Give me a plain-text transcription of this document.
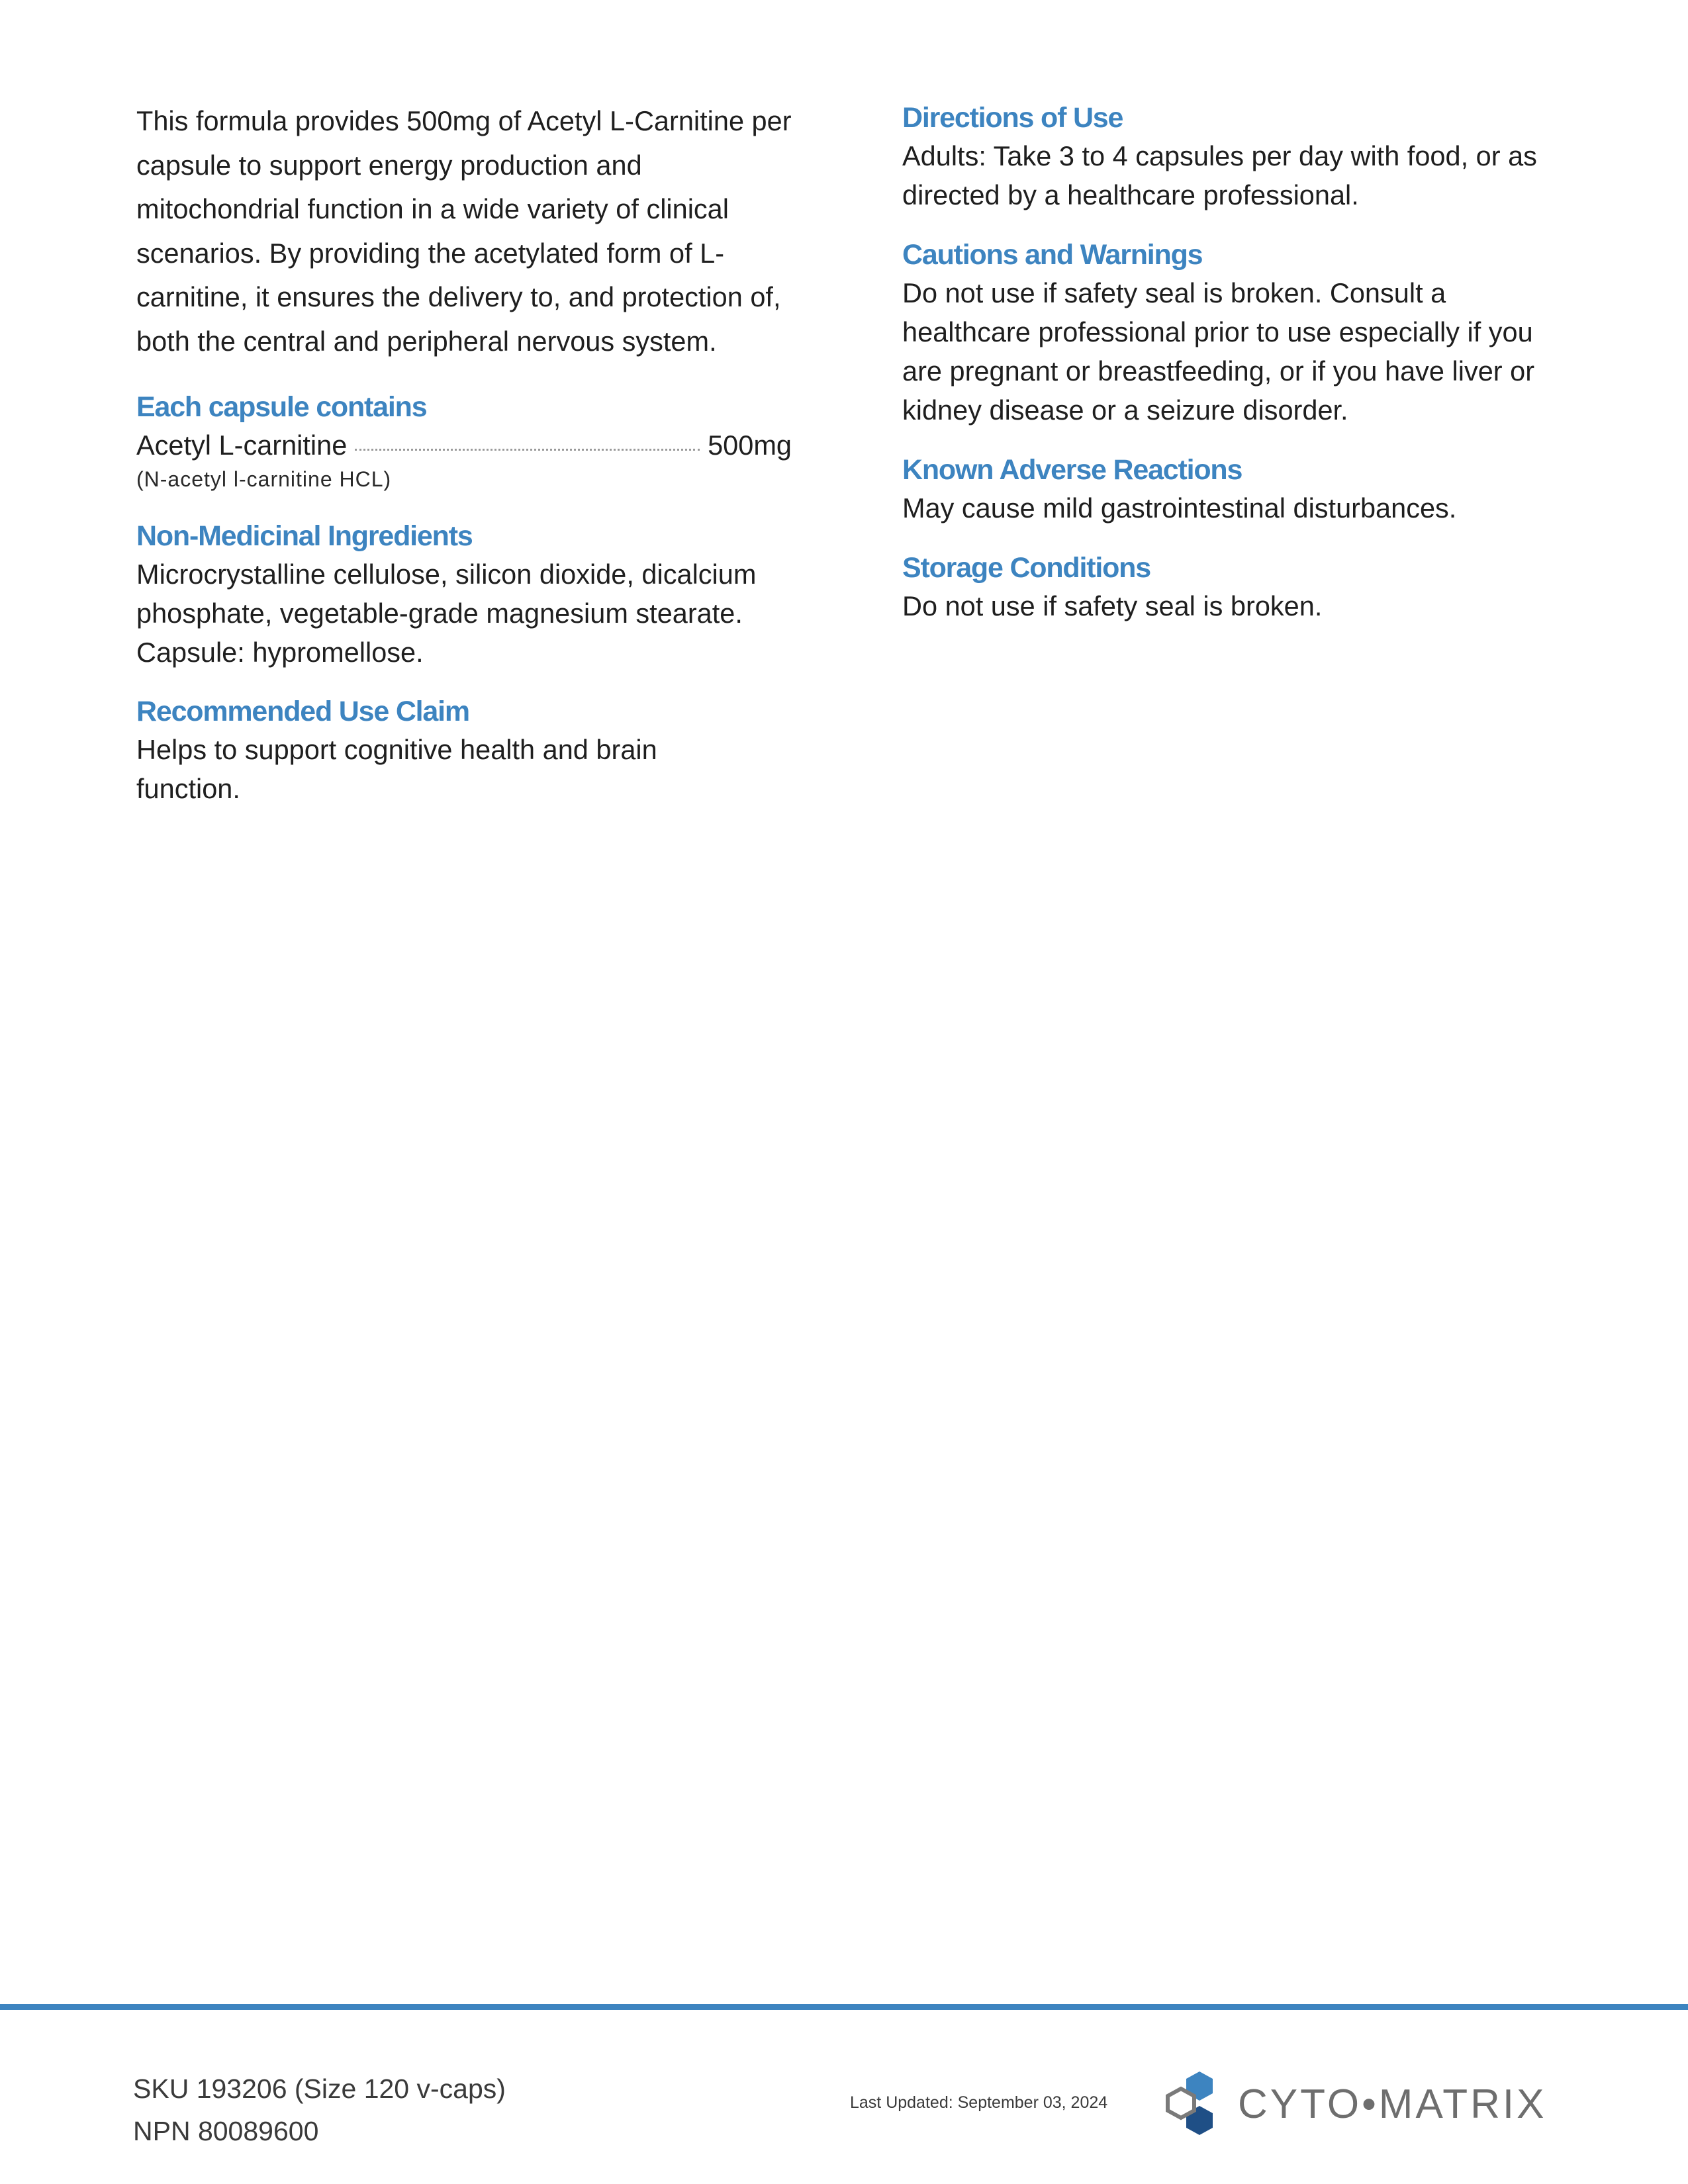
This formula provides 500mg of Acetyl L-Carnitine per capsule to support energy production and mitochondrial function in a wide variety of clinical scenarios. By providing the acetylated form of L-carnitine, it ensures the delivery to, and protection of, both the central and peripheral nervous system.

Each capsule contains
Acetyl L-carnitine	500mg
(N-acetyl l-carnitine HCL)
Non-Medicinal Ingredients

Microcrystalline cellulose, silicon dioxide, dicalcium phosphate, vegetable-grade magnesium stearate.

Capsule: hypromellose.

Recommended Use Claim

Helps to support cognitive health and brain function.

Directions of Use

Adults: Take 3 to 4 capsules per day with food, or as directed by a healthcare professional.

Cautions and Warnings

Do not use if safety seal is broken. Consult a healthcare professional prior to use especially if you are pregnant or breastfeeding, or if you have liver or kidney disease or a seizure disorder.

Known Adverse Reactions

May cause mild gastrointestinal disturbances.

Storage Conditions

Do not use if safety seal is broken.

SKU 193206 (Size 120 v-caps)
NPN 80089600
Last Updated: September 03, 2024	CYTO•MATRIX
